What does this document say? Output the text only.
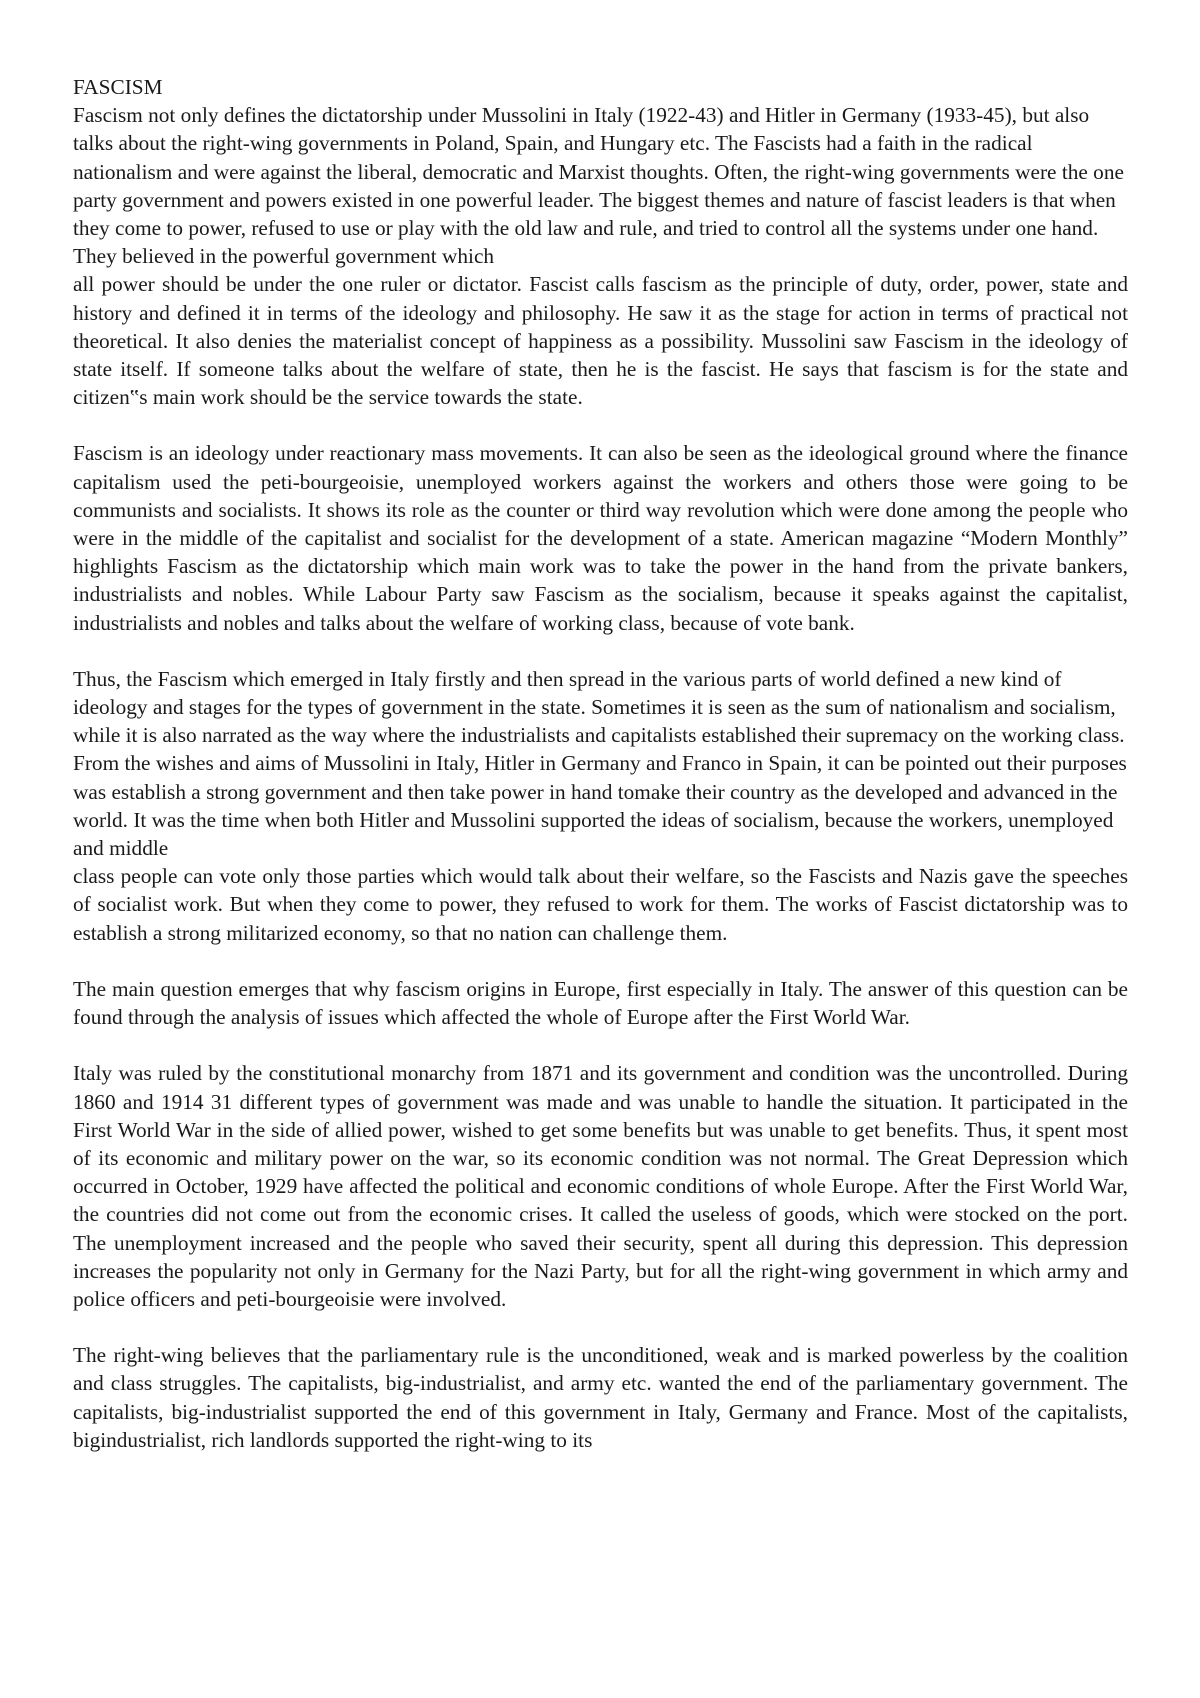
FASCISM

Fascism not only defines the dictatorship under Mussolini in Italy (1922-43) and Hitler in Germany (1933-45), but also talks about the right-wing governments in Poland, Spain, and Hungary etc. The Fascists had a faith in the radical nationalism and were against the liberal, democratic and Marxist thoughts. Often, the right-wing governments were the one party government and powers existed in one powerful leader. The biggest themes and nature of fascist leaders is that when they come to power, refused to use or play with the old law and rule, and tried to control all the systems under one hand. They believed in the powerful government which
all power should be under the one ruler or dictator. Fascist calls fascism as the principle of duty, order, power, state and history and defined it in terms of the ideology and philosophy. He saw it as the stage for action in terms of practical not theoretical. It also denies the materialist concept of happiness as a possibility. Mussolini saw Fascism in the ideology of state itself. If someone talks about the welfare of state, then he is the fascist. He says that fascism is for the state and citizen‟s main work should be the service towards the state.

Fascism is an ideology under reactionary mass movements. It can also be seen as the ideological ground where the finance capitalism used the peti-bourgeoisie, unemployed workers against the workers and others those were going to be communists and socialists. It shows its role as the counter or third way revolution which were done among the people who were in the middle of the capitalist and socialist for the development of a state. American magazine “Modern Monthly” highlights Fascism as the dictatorship which main work was to take the power in the hand from the private bankers, industrialists and nobles. While Labour Party saw Fascism as the socialism, because it speaks against the capitalist, industrialists and nobles and talks about the welfare of working class, because of vote bank.

Thus, the Fascism which emerged in Italy firstly and then spread in the various parts of world defined a new kind of ideology and stages for the types of government in the state. Sometimes it is seen as the sum of nationalism and socialism, while it is also narrated as the way where the industrialists and capitalists established their supremacy on the working class. From the wishes and aims of Mussolini in Italy, Hitler in Germany and Franco in Spain, it can be pointed out their purposes was establish a strong government and then take power in hand tomake their country as the developed and advanced in the world. It was the time when both Hitler and Mussolini supported the ideas of socialism, because the workers, unemployed and middle
class people can vote only those parties which would talk about their welfare, so the Fascists and Nazis gave the speeches of socialist work. But when they come to power, they refused to work for them. The works of Fascist dictatorship was to establish a strong militarized economy, so that no nation can challenge them.

The main question emerges that why fascism origins in Europe, first especially in Italy. The answer of this question can be found through the analysis of issues which affected the whole of Europe after the First World War.

Italy was ruled by the constitutional monarchy from 1871 and its government and condition was the uncontrolled. During 1860 and 1914 31 different types of government was made and was unable to handle the situation. It participated in the First World War in the side of allied power, wished to get some benefits but was unable to get benefits. Thus, it spent most of its economic and military power on the war, so its economic condition was not normal. The Great Depression which occurred in October, 1929 have affected the political and economic conditions of whole Europe. After the First World War, the countries did not come out from the economic crises. It called the useless of goods, which were stocked on the port. The unemployment increased and the people who saved their security, spent all during this depression. This depression increases the popularity not only in Germany for the Nazi Party, but for all the right-wing government in which army and police officers and peti-bourgeoisie were involved.

The right-wing believes that the parliamentary rule is the unconditioned, weak and is marked powerless by the coalition and class struggles. The capitalists, big-industrialist, and army etc. wanted the end of the parliamentary government. The capitalists, big-industrialist supported the end of this government in Italy, Germany and France. Most of the capitalists, bigindustrialist, rich landlords supported the right-wing to its
